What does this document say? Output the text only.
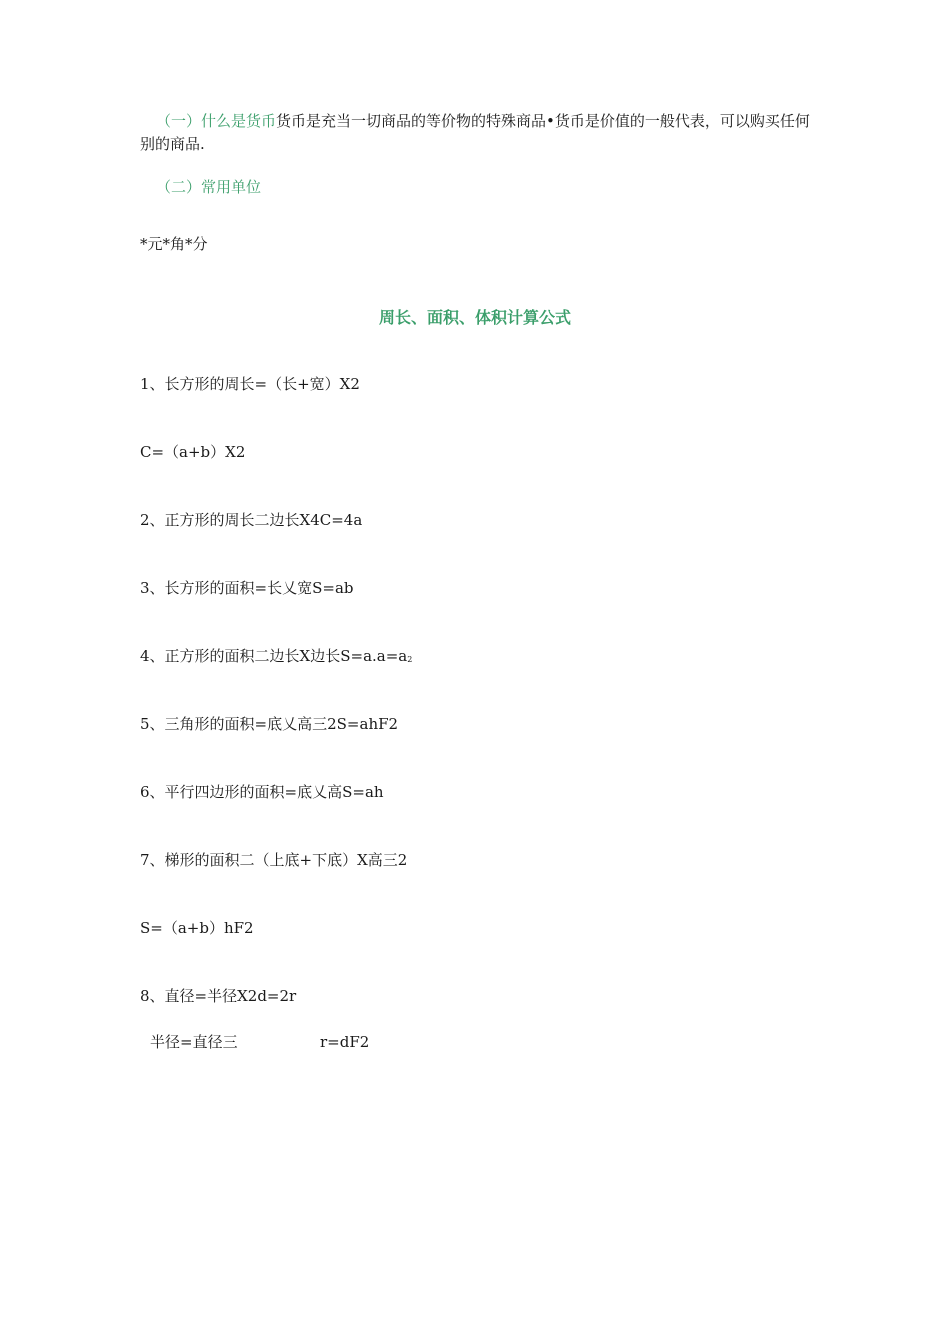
（一）什么是货币货币是充当一切商品的等价物的特殊商品•货币是价值的一般代表，可以购买任何别的商品.
（二）常用单位
*元*角*分
周长、面积、体积计算公式
1、长方形的周长=（长+宽）X2
C=（a+b）X2
2、正方形的周长二边长X4C=4a
3、长方形的面积=长乂宽S=ab
4、正方形的面积二边长X边长S=a.a=a2
5、三角形的面积=底乂高三2S=ahF2
6、平行四边形的面积=底乂高S=ah
7、梯形的面积二（上底+下底）X高三2
S=（a+b）hF2
8、直径=半径X2d=2r
半径=直径三	r=dF2
